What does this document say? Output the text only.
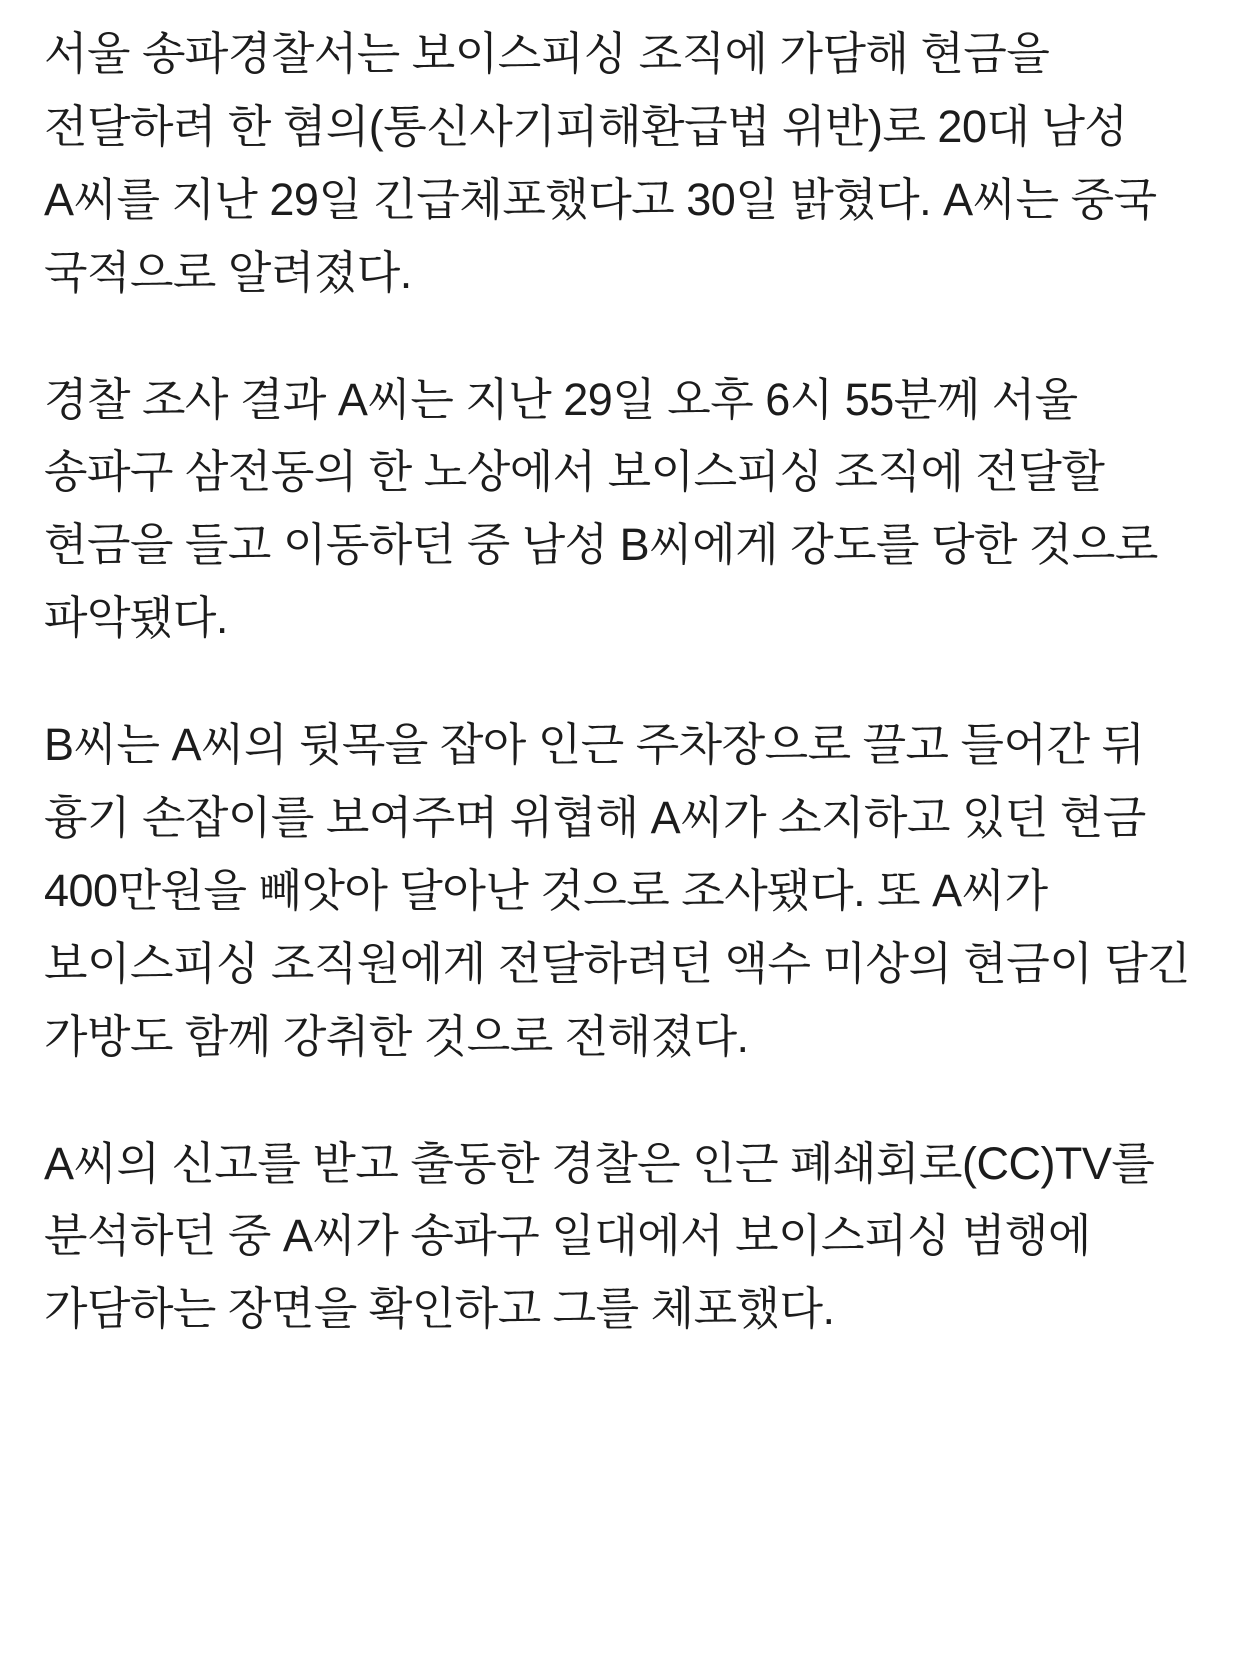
서울 송파경찰서는 보이스피싱 조직에 가담해 현금을 전달하려 한 혐의(통신사기피해환급법 위반)로 20대 남성 A씨를 지난 29일 긴급체포했다고 30일 밝혔다. A씨는 중국 국적으로 알려졌다.

경찰 조사 결과 A씨는 지난 29일 오후 6시 55분께 서울 송파구 삼전동의 한 노상에서 보이스피싱 조직에 전달할 현금을 들고 이동하던 중 남성 B씨에게 강도를 당한 것으로 파악됐다.

B씨는 A씨의 뒷목을 잡아 인근 주차장으로 끌고 들어간 뒤 흉기 손잡이를 보여주며 위협해 A씨가 소지하고 있던 현금 400만원을 빼앗아 달아난 것으로 조사됐다. 또 A씨가 보이스피싱 조직원에게 전달하려던 액수 미상의 현금이 담긴 가방도 함께 강취한 것으로 전해졌다.

A씨의 신고를 받고 출동한 경찰은 인근 폐쇄회로(CC)TV를 분석하던 중 A씨가 송파구 일대에서 보이스피싱 범행에 가담하는 장면을 확인하고 그를 체포했다.
